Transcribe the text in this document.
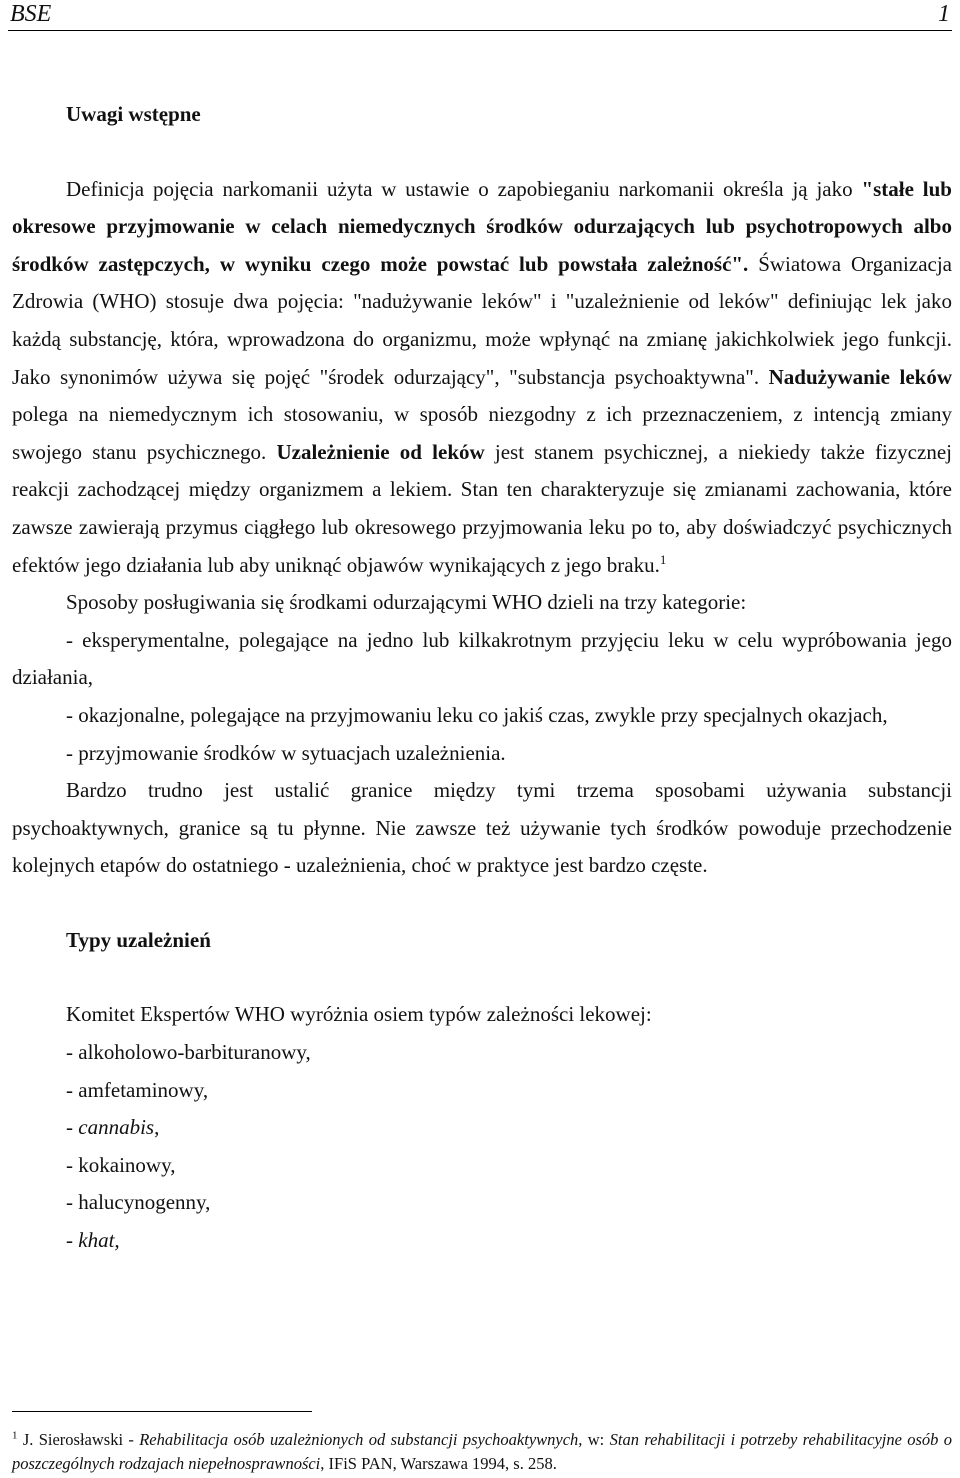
BSE	1

Uwagi wstępne

Definicja pojęcia narkomanii użyta w ustawie o zapobieganiu narkomanii określa ją jako "stałe lub okresowe przyjmowanie w celach niemedycznych środków odurzających lub psychotropowych albo środków zastępczych, w wyniku czego może powstać lub powstała zależność". Światowa Organizacja Zdrowia (WHO) stosuje dwa pojęcia: "nadużywanie leków" i "uzależnienie od leków" definiując lek jako każdą substancję, która, wprowadzona do organizmu, może wpłynąć na zmianę jakichkolwiek jego funkcji. Jako synonimów używa się pojęć "środek odurzający", "substancja psychoaktywna". Nadużywanie leków polega na niemedycznym ich stosowaniu, w sposób niezgodny z ich przeznaczeniem, z intencją zmiany swojego stanu psychicznego. Uzależnienie od leków jest stanem psychicznej, a niekiedy także fizycznej reakcji zachodzącej między organizmem a lekiem. Stan ten charakteryzuje się zmianami zachowania, które zawsze zawierają przymus ciągłego lub okresowego przyjmowania leku po to, aby doświadczyć psychicznych efektów jego działania lub aby uniknąć objawów wynikających z jego braku.$^1$

Sposoby posługiwania się środkami odurzającymi WHO dzieli na trzy kategorie:

- eksperymentalne, polegające na jedno lub kilkakrotnym przyjęciu leku w celu wypróbowania jego działania,

- okazjonalne, polegające na przyjmowaniu leku co jakiś czas, zwykle przy specjalnych okazjach,

- przyjmowanie środków w sytuacjach uzależnienia.

Bardzo trudno jest ustalić granice między tymi trzema sposobami używania substancji psychoaktywnych, granice są tu płynne. Nie zawsze też używanie tych środków powoduje przechodzenie kolejnych etapów do ostatniego - uzależnienia, choć w praktyce jest bardzo częste.

Typy uzależnień

Komitet Ekspertów WHO wyróżnia osiem typów zależności lekowej:

- alkoholowo-barbituranowy,

- amfetaminowy,

- cannabis,

- kokainowy,

- halucynogenny,

- khat,

$^1$ J. Sierosławski - Rehabilitacja osób uzależnionych od substancji psychoaktywnych, w: Stan rehabilitacji i potrzeby rehabilitacyjne osób o poszczególnych rodzajach niepełnosprawności, IFiS PAN, Warszawa 1994, s. 258.
